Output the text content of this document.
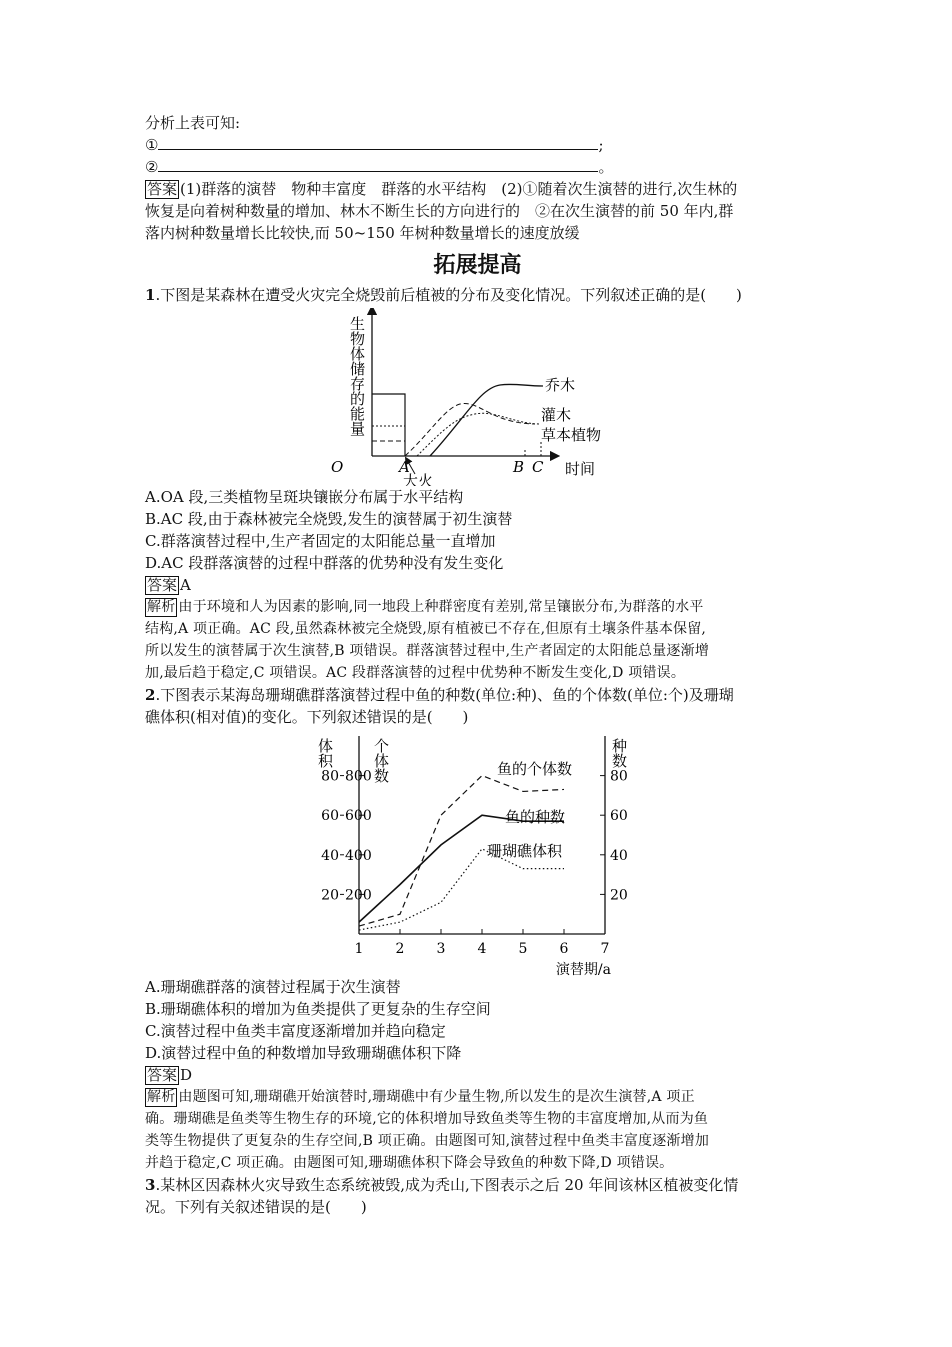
分析上表可知:
①	;
②	。
答案 (1)群落的演替　物种丰富度　群落的水平结构　(2)①随着次生演替的进行,次生林的
恢复是向着树种数量的增加、林木不断生长的方向进行的　②在次生演替的前 50 年内,群
落内树种数量增长比较快,而 50~150 年树种数量增长的速度放缓
拓展提高
1.下图是某森林在遭受火灾完全烧毁前后植被的分布及变化情况。下列叙述正确的是(　　)
生物体储存的能量	乔木
灌木
草本植物
O	A	B C 时间
大火
A.OA 段,三类植物呈斑块镶嵌分布属于水平结构
B.AC 段,由于森林被完全烧毁,发生的演替属于初生演替
C.群落演替过程中,生产者固定的太阳能总量一直增加
D.AC 段群落演替的过程中群落的优势种没有发生变化
答案 A
解析 由于环境和人为因素的影响,同一地段上种群密度有差别,常呈镶嵌分布,为群落的水平
结构,A 项正确。AC 段,虽然森林被完全烧毁,原有植被已不存在,但原有土壤条件基本保留,
所以发生的演替属于次生演替,B 项错误。群落演替过程中,生产者固定的太阳能总量逐渐增
加,最后趋于稳定,C 项错误。AC 段群落演替的过程中优势种不断发生变化,D 项错误。
2.下图表示某海岛珊瑚礁群落演替过程中鱼的种数(单位:种)、鱼的个体数(单位:个)及珊瑚
礁体积(相对值)的变化。下列叙述错误的是(　　)
20 200	20
40 400	40
60 600	60
80 800	80
体积	个体数	种数
1 2 3 4 5 6 7
演替期/a
鱼的个体数
鱼的种数
珊瑚礁体积
A.珊瑚礁群落的演替过程属于次生演替
B.珊瑚礁体积的增加为鱼类提供了更复杂的生存空间
C.演替过程中鱼类丰富度逐渐增加并趋向稳定
D.演替过程中鱼的种数增加导致珊瑚礁体积下降
答案 D
解析 由题图可知,珊瑚礁开始演替时,珊瑚礁中有少量生物,所以发生的是次生演替,A 项正
确。珊瑚礁是鱼类等生物生存的环境,它的体积增加导致鱼类等生物的丰富度增加,从而为鱼
类等生物提供了更复杂的生存空间,B 项正确。由题图可知,演替过程中鱼类丰富度逐渐增加
并趋于稳定,C 项正确。由题图可知,珊瑚礁体积下降会导致鱼的种数下降,D 项错误。
3.某林区因森林火灾导致生态系统被毁,成为秃山,下图表示之后 20 年间该林区植被变化情
况。下列有关叙述错误的是(　　)
